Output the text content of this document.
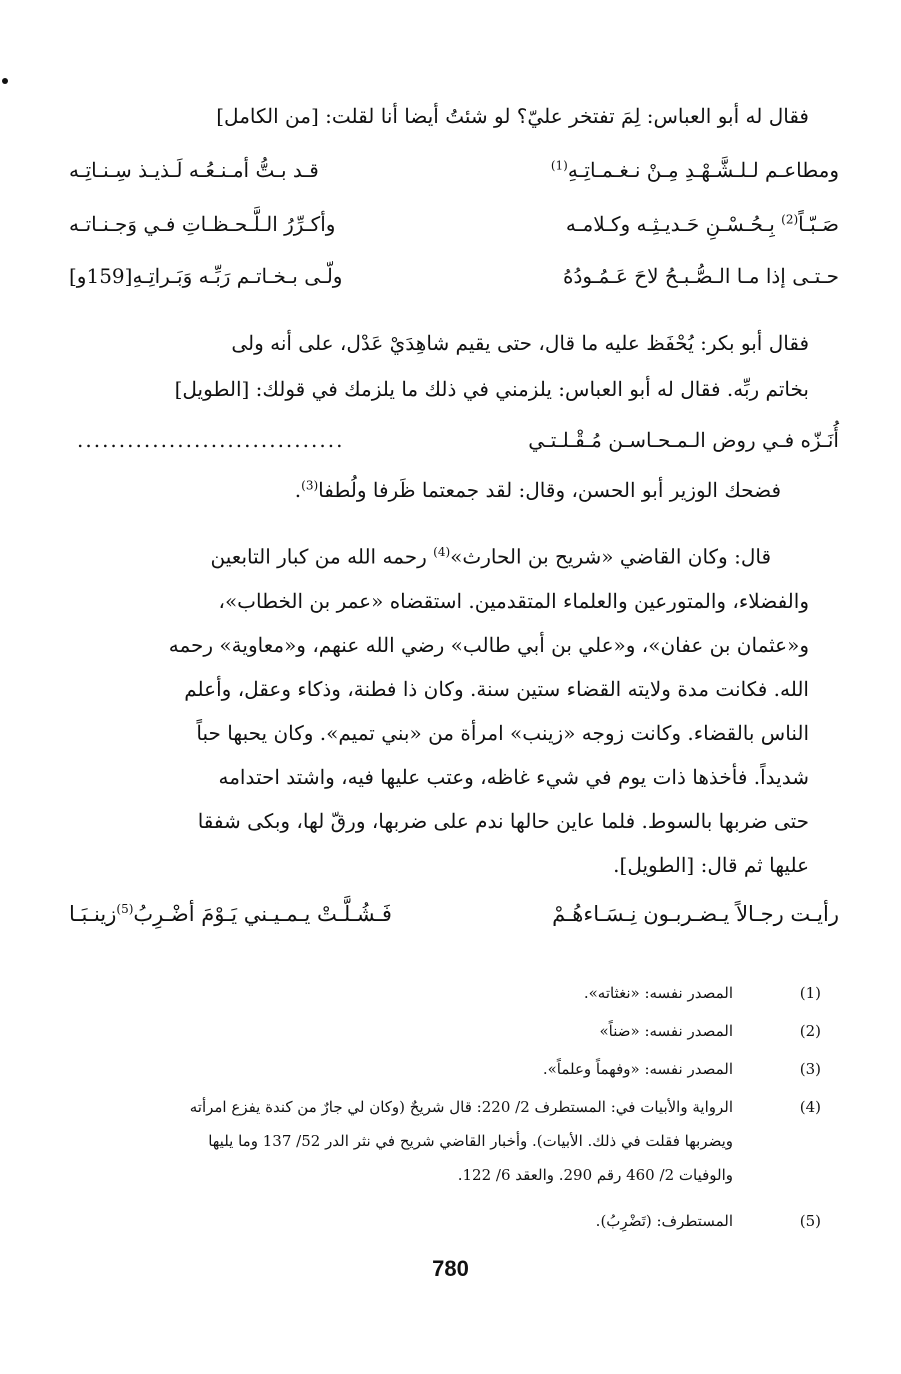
فقال له أبو العباس: لِمَ تفتخر عليّ؟ لو شئتُ أيضا أنا لقلت: [من الكامل]
ومطاعـم لـلـشَّـهْـدِ مِـنْ نـغـمـاتِـهِ$^{(1)}$
قـد بـتُّ أمـنـعُـه لَـذيـذ سِـنـاتِـه
صَـبّـاً$^{(2)}$ بِـحُـسْـنِ حَـديـثِـه وكـلامـه
وأكـرِّرُ الـلَّـحـظـاتِ فـي وَجـنـاتـه
حـتـى إذا مـا الـصُّـبـحُ لاحَ عَـمُـودُهُ
ولّـى بـخـاتـم رَبِّـه وَبَـراتِـهِ[159و]
فقال أبو بكر: يُحْفَظ عليه ما قال، حتى يقيم شاهِدَيْ عَدْل، على أنه ولى
بخاتم ربِّه. فقال له أبو العباس: يلزمني في ذلك ما يلزمك في قولك: [الطويل]
أُنَـزّه فـي روض الـمـحـاسـن مُـقْـلـتـي
................................
فضحك الوزير أبو الحسن، وقال: لقد جمعتما ظَرفا ولُطفا$^{(3)}$.
قال: وكان القاضي «شريح بن الحارث»$^{(4)}$ رحمه الله من كبار التابعين
والفضلاء، والمتورعين والعلماء المتقدمين. استقضاه «عمر بن الخطاب»،
و«عثمان بن عفان»، و«علي بن أبي طالب» رضي الله عنهم، و«معاوية» رحمه
الله. فكانت مدة ولايته القضاء ستين سنة. وكان ذا فطنة، وذكاء وعقل، وأعلم
الناس بالقضاء. وكانت زوجه «زينب» امرأة من «بني تميم». وكان يحبها حباً
شديداً. فأخذها ذات يوم في شيء غاظه، وعتب عليها فيه، واشتد احتدامه
حتى ضربها بالسوط. فلما عاين حالها ندم على ضربها، ورقّ لها، وبكى شفقا
عليها ثم قال: [الطويل].
رأيـت رجـالاً يـضـربـون نِـسَـاءهُـمْ
فَـشُـلَّـتْ يـمـيـني يَـوْمَ أضْـرِبُ$^{(5)}$زينـبَـا
(1)
المصدر نفسه: «نغثاته».
(2)
المصدر نفسه: «ضناً»
(3)
المصدر نفسه: «وفهماً وعلماً».
(4)
الرواية والأبيات في: المستطرف 2/ 220: قال شريحٌ (وكان لي جارٌ من كندة يفزع امرأته
ويضربها فقلت في ذلك. الأبيات). وأخبار القاضي شريح في نثر الدر 52/ 137 وما يليها
والوفيات 2/ 460 رقم 290. والعقد 6/ 122.
(5)
المستطرف: (تَضْرِبُ).
780
